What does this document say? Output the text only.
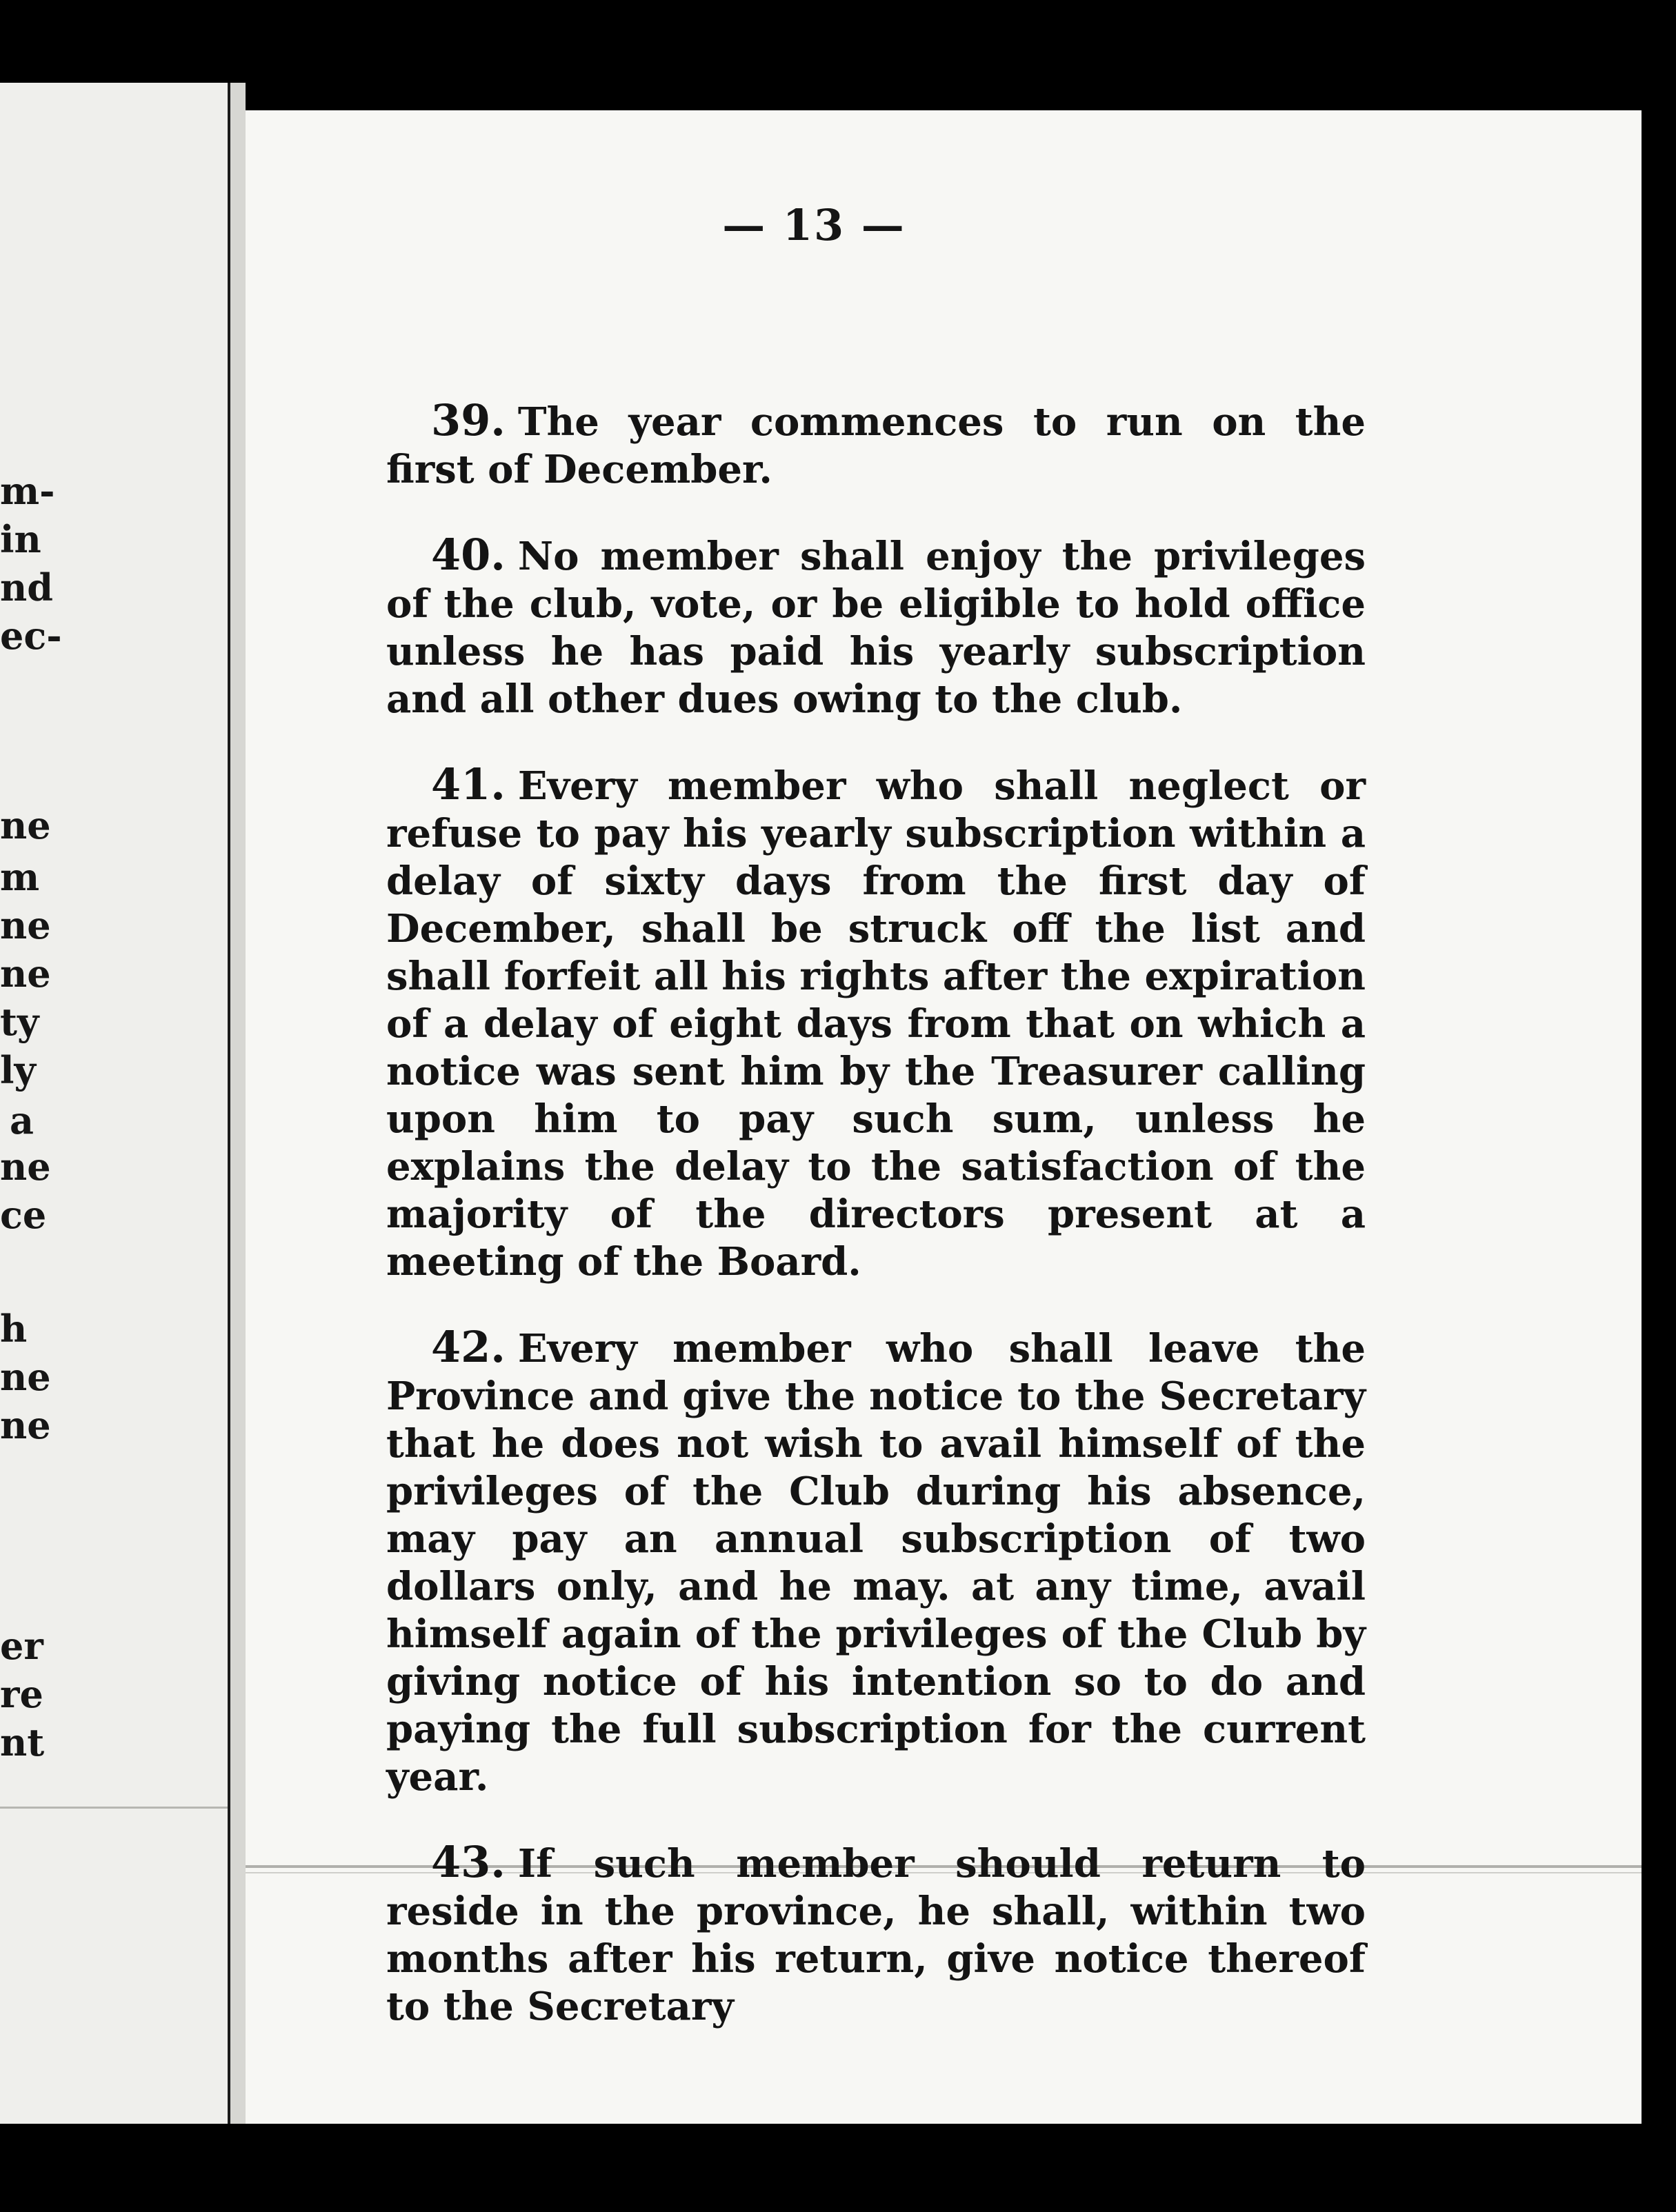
m-
in
nd
ec-
ne
m
ne
ne
ty
ly
a
ne
ce
h
ne
ne
er
re
nt
— 13 —

39. The year commences to run on the first of December.

40. No member shall enjoy the privileges of the club, vote, or be eligible to hold office unless he has paid his yearly subscription and all other dues owing to the club.

41. Every member who shall neglect or refuse to pay his yearly subscription within a delay of sixty days from the first day of December, shall be struck off the list and shall forfeit all his rights after the expiration of a delay of eight days from that on which a notice was sent him by the Treasurer calling upon him to pay such sum, unless he explains the delay to the satisfaction of the majority of the directors present at a meeting of the Board.

42. Every member who shall leave the Province and give the notice to the Secretary that he does not wish to avail himself of the privileges of the Club during his absence, may pay an annual subscription of two dollars only, and he may. at any time, avail himself again of the privileges of the Club by giving notice of his intention so to do and paying the full subscription for the current year.

43. If such member should return to reside in the province, he shall, within two months after his return, give notice thereof to the Secretary
